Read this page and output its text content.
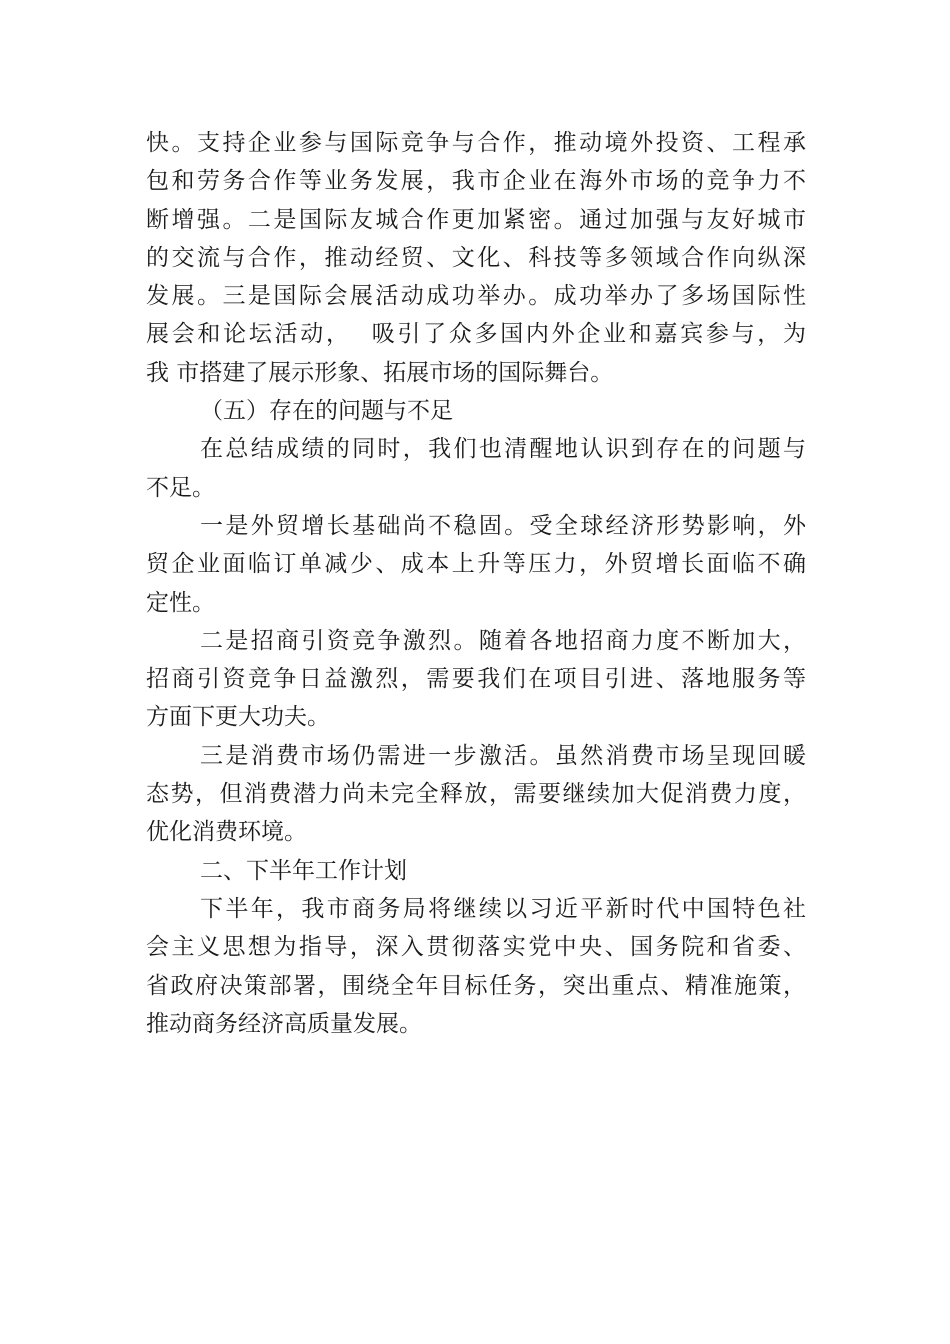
快。支持企业参与国际竞争与合作，推动境外投资、工程承
包和劳务合作等业务发展，我市企业在海外市场的竞争力不
断增强。二是国际友城合作更加紧密。通过加强与友好城市
的交流与合作，推动经贸、文化、科技等多领域合作向纵深
发展。三是国际会展活动成功举办。成功举办了多场国际性
展会和论坛活动，  吸引了众多国内外企业和嘉宾参与，为
我 市搭建了展示形象、拓展市场的国际舞台。
（五）存在的问题与不足
在总结成绩的同时，我们也清醒地认识到存在的问题与
不足。
一是外贸增长基础尚不稳固。受全球经济形势影响，外
贸企业面临订单减少、成本上升等压力，外贸增长面临不确
定性。
二是招商引资竞争激烈。随着各地招商力度不断加大，
招商引资竞争日益激烈，需要我们在项目引进、落地服务等
方面下更大功夫。
三是消费市场仍需进一步激活。虽然消费市场呈现回暖
态势，但消费潜力尚未完全释放，需要继续加大促消费力度，
优化消费环境。
二、下半年工作计划
下半年，我市商务局将继续以习近平新时代中国特色社
会主义思想为指导，深入贯彻落实党中央、国务院和省委、
省政府决策部署，围绕全年目标任务，突出重点、精准施策，
推动商务经济高质量发展。
